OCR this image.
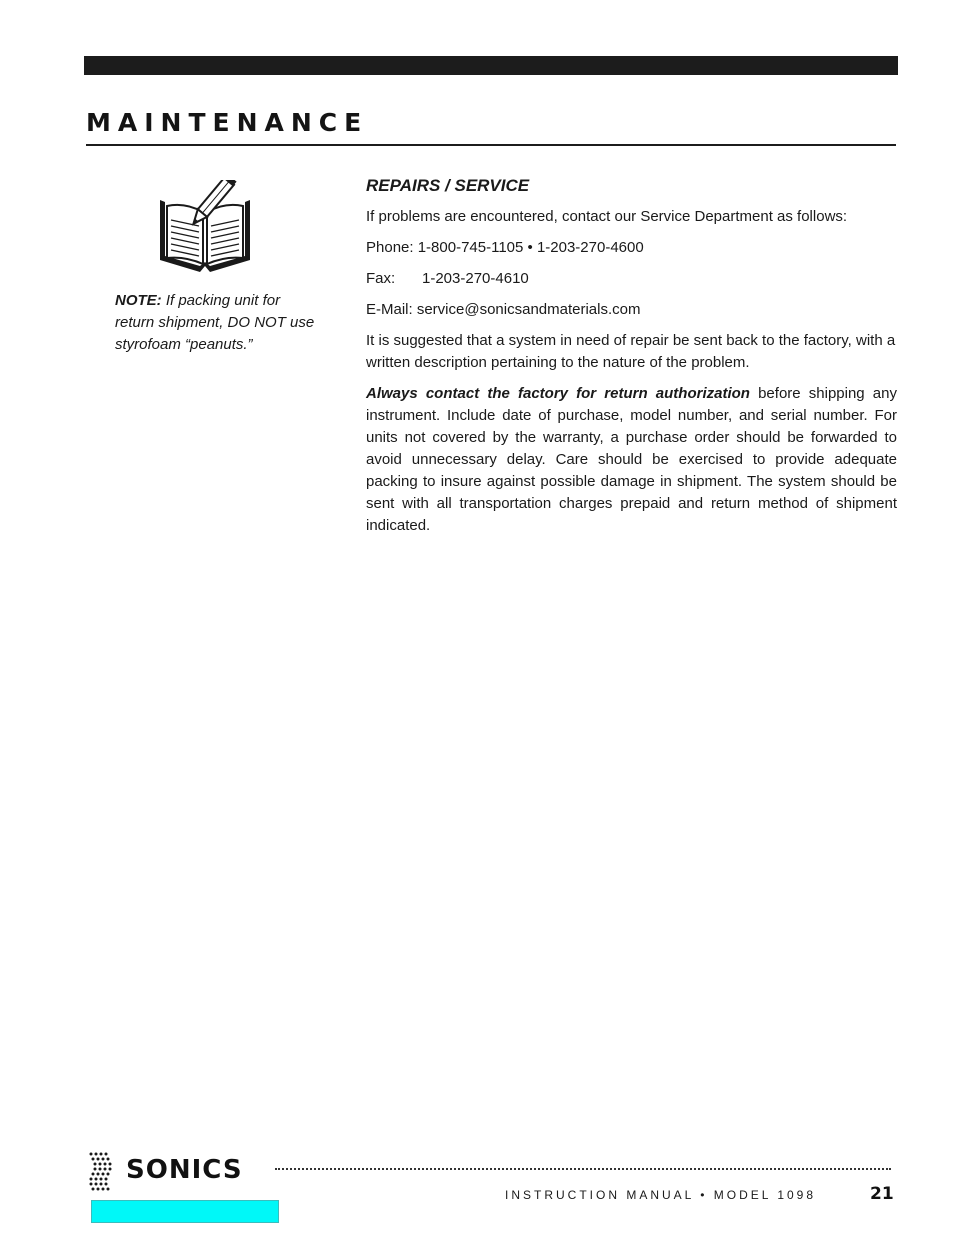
MAINTENANCE
NOTE: If packing unit for return shipment, DO NOT use styrofoam “peanuts.”
REPAIRS / SERVICE

If problems are encountered, contact our Service Department as follows:

Phone:
1-800-745-1105 • 1-203-270-4600

Fax:	1-203-270-4610

E-Mail:
service@sonicsandmaterials.com

It is suggested that a system in need of repair be sent back to the factory, with a written description pertaining to the nature of the problem.

Always contact the factory for return authorization before shipping any instrument. Include date of purchase, model number, and serial number. For units not covered by the warranty, a purchase order should be forwarded to avoid unnecessary delay. Care should be exercised to provide adequate packing to insure against possible damage in shipment. The system should be sent with all transportation charges prepaid and return method of shipment indicated.

SONICS
INSTRUCTION MANUAL • MODEL 1098	21
